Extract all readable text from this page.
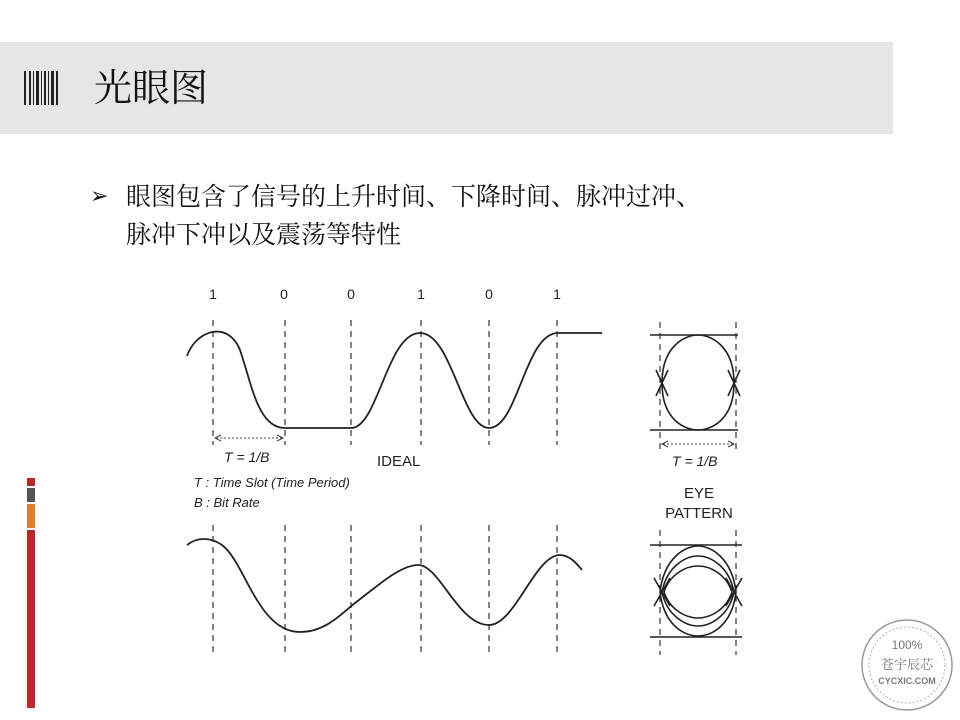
光眼图
➢ 眼图包含了信号的上升时间、下降时间、脉冲过冲、
脉冲下冲以及震荡等特性
1	0	0	1	0	1
T = 1/B	IDEAL
T : Time Slot (Time Period)
B : Bit Rate
T = 1/B
EYE
PATTERN
100%
苍宇辰芯
CYCXIC.COM
